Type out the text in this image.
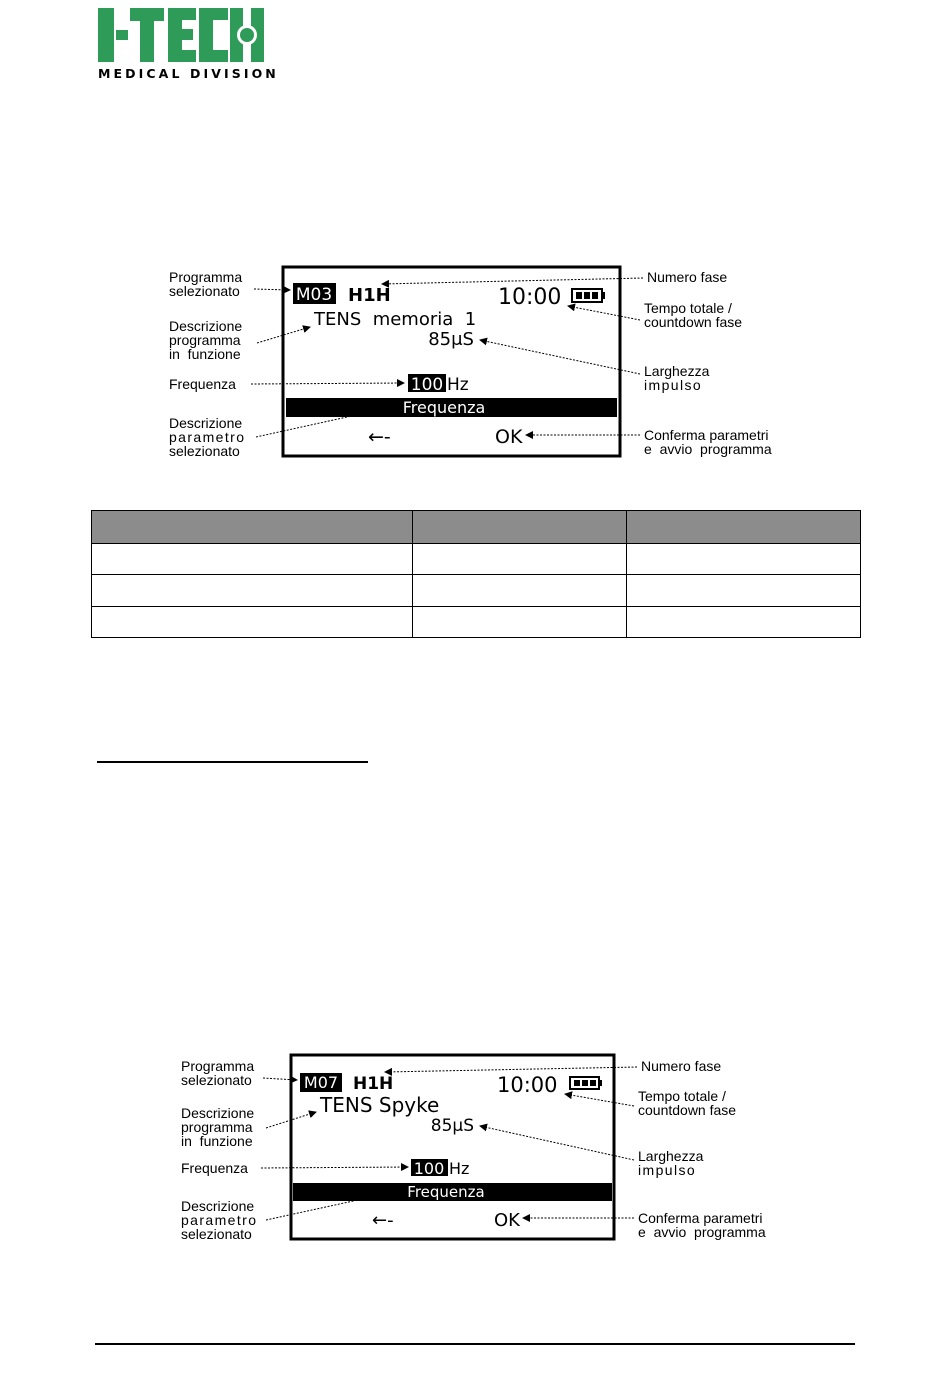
MEDICAL DIVISION
M03 H1H	10:00
TENS  memoria  1
85μS
100 Hz
Frequenza
←-	OK
Programma
selezionato
Descrizione
programma
in  funzione
Frequenza
Descrizione
parametro
selezionato
Numero fase
Tempo totale /
countdown fase
Larghezza
impulso
Conferma parametri
e  avvio  programma

M07 H1H	10:00
TENS Spyke
85μS
100 Hz
Frequenza
←-	OK
Programma
selezionato
Descrizione
programma
in  funzione
Frequenza
Descrizione
parametro
selezionato
Numero fase
Tempo totale /
countdown fase
Larghezza
impulso
Conferma parametri
e  avvio  programma
